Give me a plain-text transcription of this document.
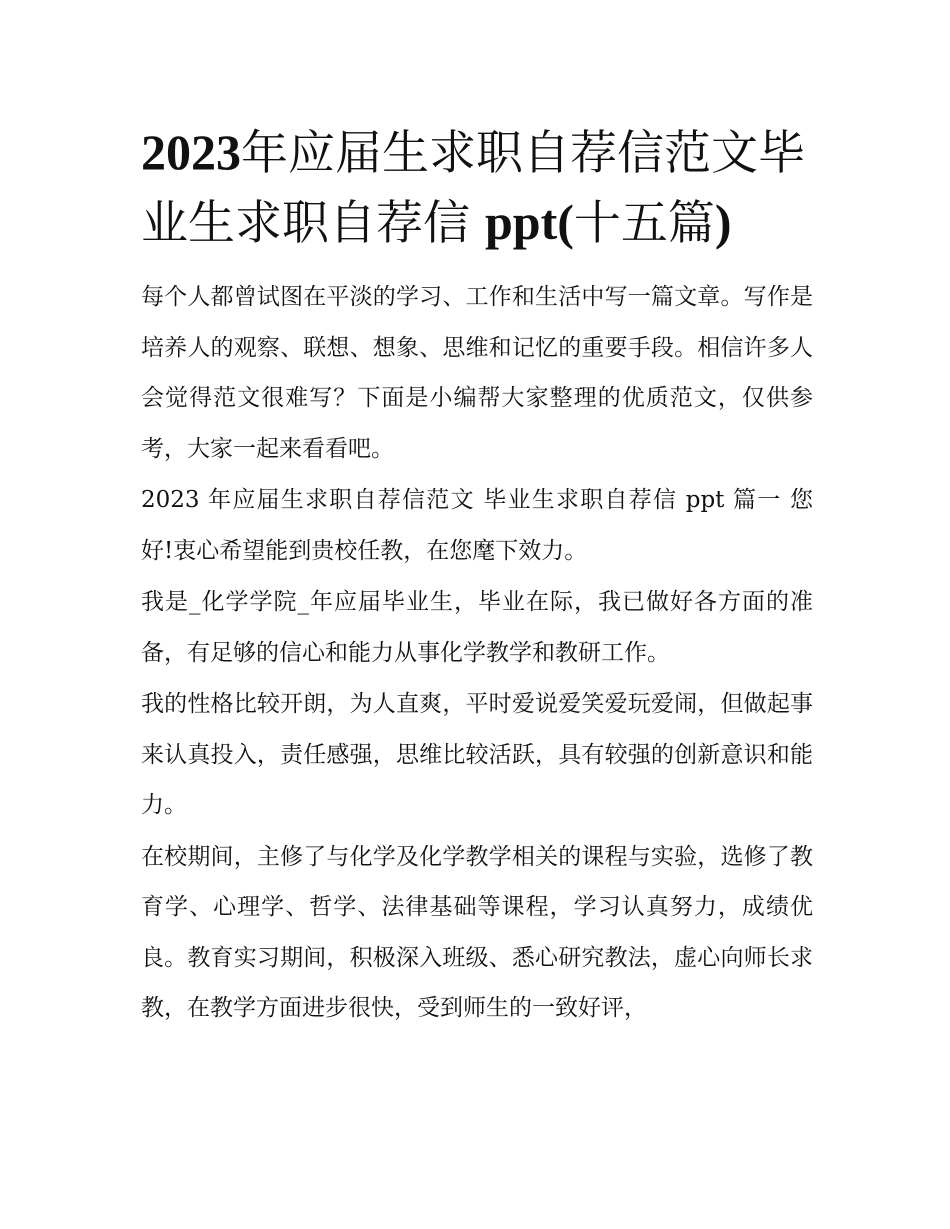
2023年应届生求职自荐信范文毕业生求职自荐信 ppt(十五篇)

每个人都曾试图在平淡的学习、工作和生活中写一篇文章。写作是培养人的观察、联想、想象、思维和记忆的重要手段。相信许多人会觉得范文很难写？下面是小编帮大家整理的优质范文，仅供参考，大家一起来看看吧。

2023 年应届生求职自荐信范文 毕业生求职自荐信 ppt 篇一 您好!衷心希望能到贵校任教，在您麾下效力。

我是_化学学院_年应届毕业生，毕业在际，我已做好各方面的准备，有足够的信心和能力从事化学教学和教研工作。

我的性格比较开朗，为人直爽，平时爱说爱笑爱玩爱闹，但做起事来认真投入，责任感强，思维比较活跃，具有较强的创新意识和能力。

在校期间，主修了与化学及化学教学相关的课程与实验，选修了教育学、心理学、哲学、法律基础等课程，学习认真努力，成绩优良。教育实习期间，积极深入班级、悉心研究教法，虚心向师长求教，在教学方面进步很快，受到师生的一致好评，
